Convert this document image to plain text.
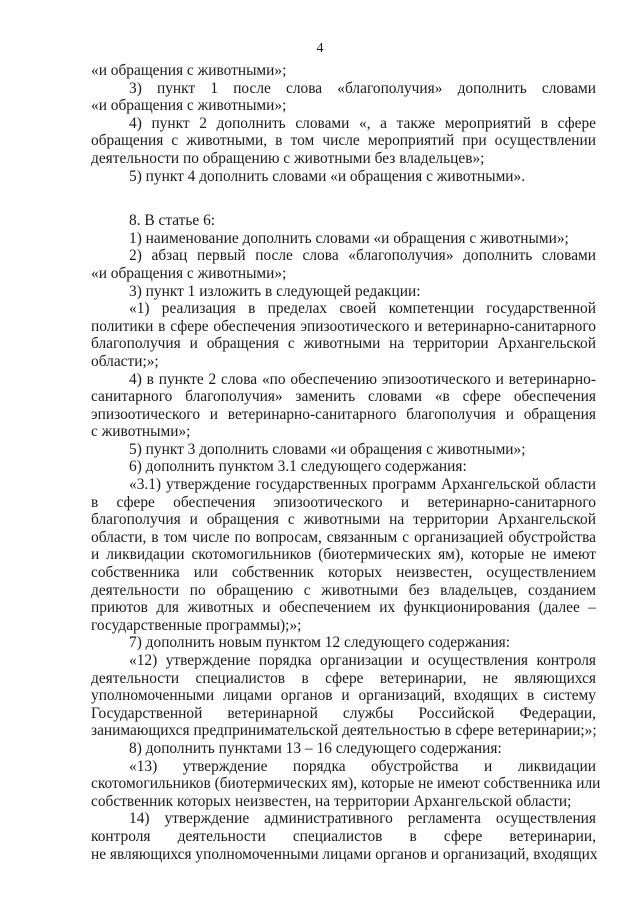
4
«и обращения с животными»;
3) пункт 1 после слова «благополучия» дополнить словами
«и обращения с животными»;
4) пункт 2 дополнить словами «, а также мероприятий в сфере
обращения с животными, в том числе мероприятий при осуществлении
деятельности по обращению с животными без владельцев»;
5) пункт 4 дополнить словами «и обращения с животными».
8. В статье 6:
1) наименование дополнить словами «и обращения с животными»;
2) абзац первый после слова «благополучия» дополнить словами
«и обращения с животными»;
3) пункт 1 изложить в следующей редакции:
«1) реализация в пределах своей компетенции государственной
политики в сфере обеспечения эпизоотического и ветеринарно-санитарного
благополучия и обращения с животными на территории Архангельской
области;»;
4) в пункте 2 слова «по обеспечению эпизоотического и ветеринарно-
санитарного благополучия» заменить словами «в сфере обеспечения
эпизоотического и ветеринарно-санитарного благополучия и обращения
с животными»;
5) пункт 3 дополнить словами «и обращения с животными»;
6) дополнить пунктом 3.1 следующего содержания:
«3.1) утверждение государственных программ Архангельской области
в сфере обеспечения эпизоотического и ветеринарно-санитарного
благополучия и обращения с животными на территории Архангельской
области, в том числе по вопросам, связанным с организацией обустройства
и ликвидации скотомогильников (биотермических ям), которые не имеют
собственника или собственник которых неизвестен, осуществлением
деятельности по обращению с животными без владельцев, созданием
приютов для животных и обеспечением их функционирования (далее –
государственные программы);»;
7) дополнить новым пунктом 12 следующего содержания:
«12) утверждение порядка организации и осуществления контроля
деятельности специалистов в сфере ветеринарии, не являющихся
уполномоченными лицами органов и организаций, входящих в систему
Государственной ветеринарной службы Российской Федерации,
занимающихся предпринимательской деятельностью в сфере ветеринарии;»;
8) дополнить пунктами 13 – 16 следующего содержания:
«13) утверждение порядка обустройства и ликвидации
скотомогильников (биотермических ям), которые не имеют собственника или
собственник которых неизвестен, на территории Архангельской области;
14) утверждение административного регламента осуществления
контроля деятельности специалистов в сфере ветеринарии,
не являющихся уполномоченными лицами органов и организаций, входящих
